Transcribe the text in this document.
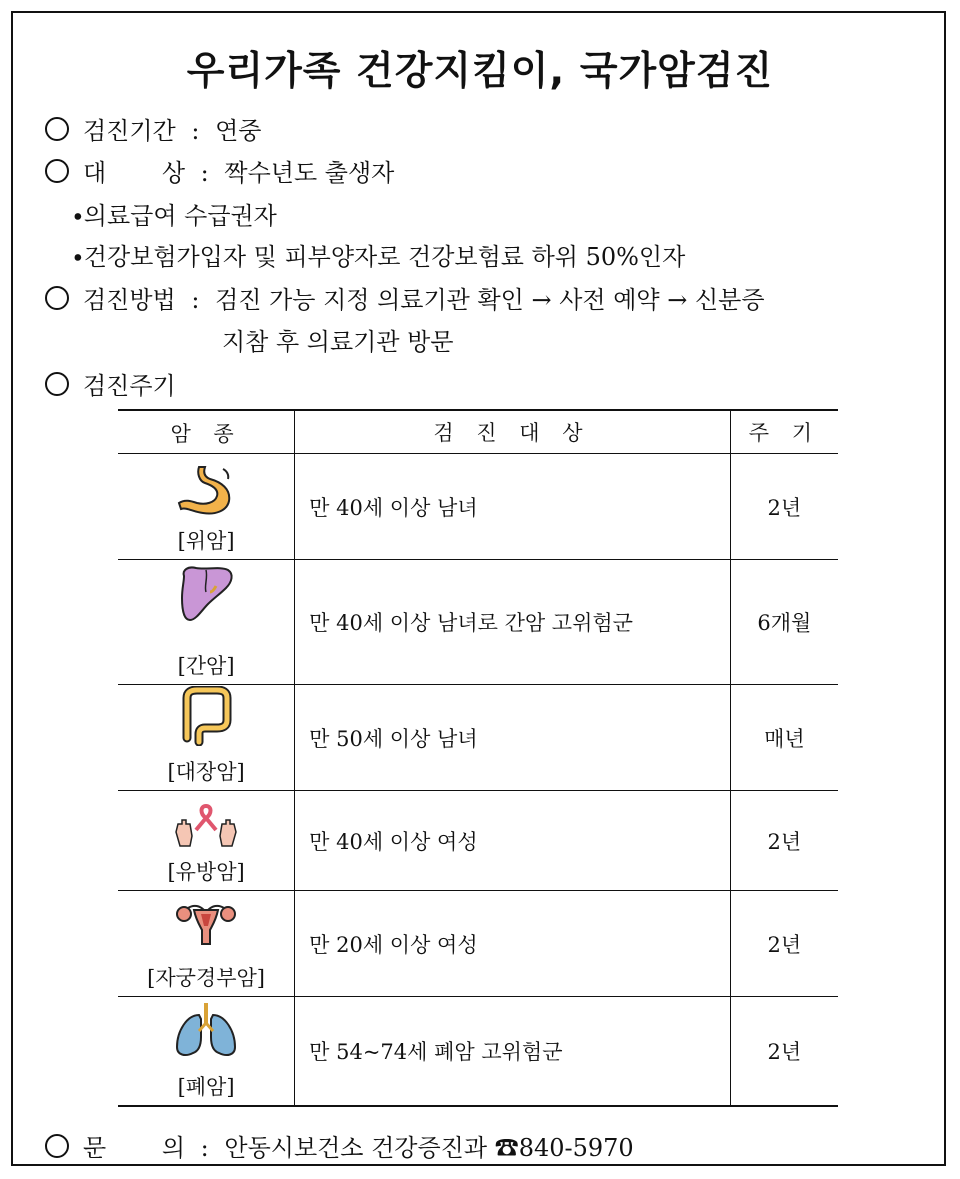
우리가족 건강지킴이, 국가암검진
검진기간 : 연중
대 상 : 짝수년도 출생자
∙의료급여 수급권자
∙건강보험가입자 및 피부양자로 건강보험료 하위 50%인자
검진방법 : 검진 가능 지정 의료기관 확인 → 사전 예약 → 신분증
지참 후 의료기관 방문
검진주기
암 종	검 진 대 상	주 기

[위암]	만 40세 이상 남녀	2년

[간암]	만 40세 이상 남녀로 간암 고위험군	6개월

[대장암]	만 50세 이상 남녀	매년

[유방암]	만 40세 이상 여성	2년

[자궁경부암]	만 20세 이상 여성	2년

[폐암]	만 54~74세 폐암 고위험군	2년
문 의 : 안동시보건소 건강증진과 ☎840-5970
